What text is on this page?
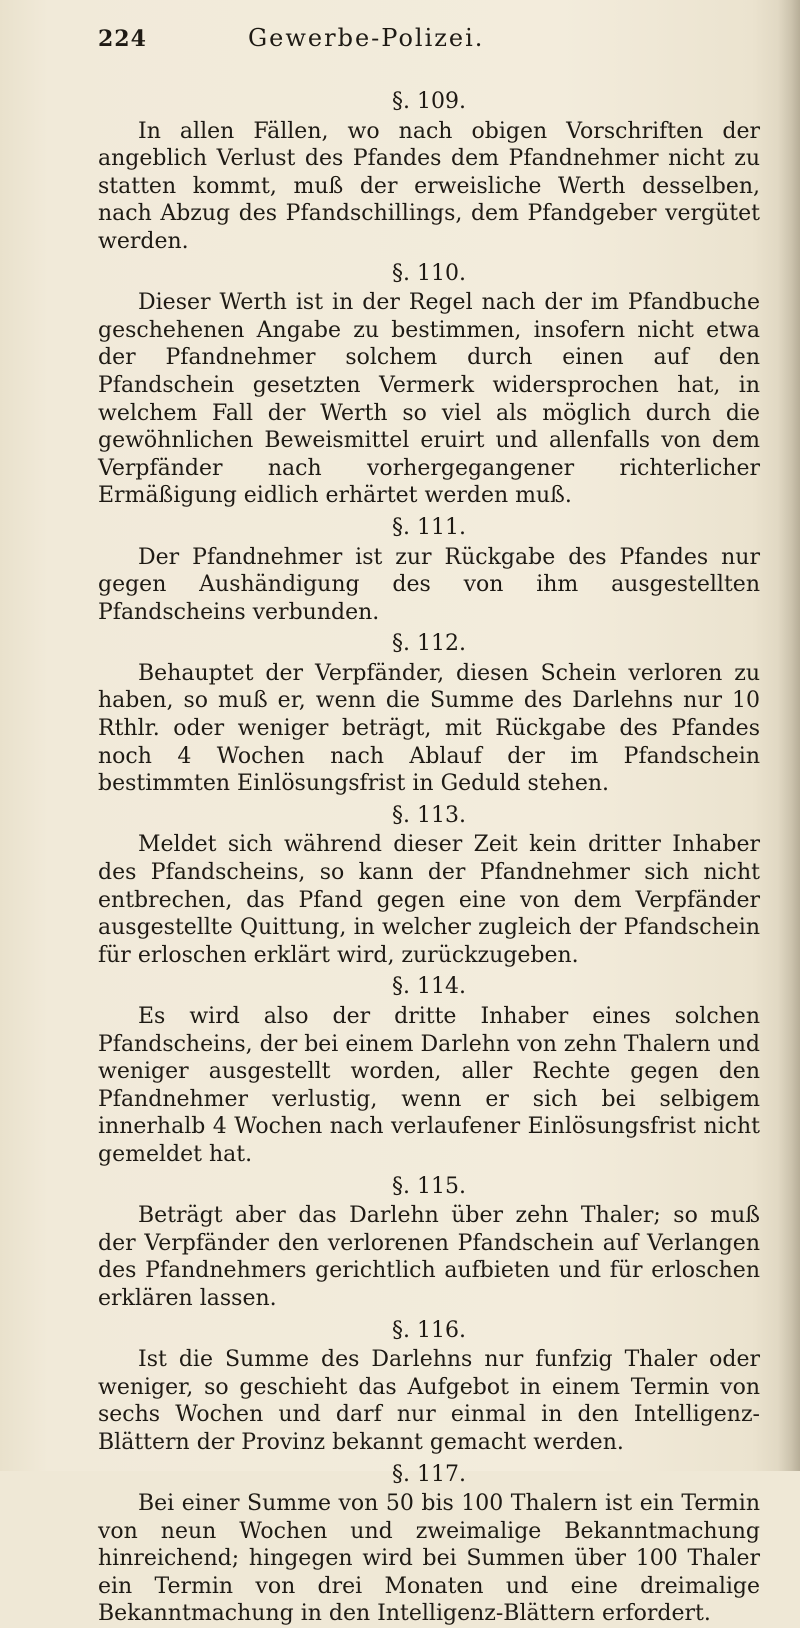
224	Gewerbe-Polizei.
§. 109.

In allen Fällen, wo nach obigen Vorschriften der angeblich Verlust des Pfandes dem Pfandnehmer nicht zu statten kommt, muß der erweisliche Werth desselben, nach Abzug des Pfandschillings, dem Pfandgeber vergütet werden.

§. 110.

Dieser Werth ist in der Regel nach der im Pfandbuche geschehenen Angabe zu bestimmen, insofern nicht etwa der Pfandnehmer solchem durch einen auf den Pfandschein gesetzten Vermerk widersprochen hat, in welchem Fall der Werth so viel als möglich durch die gewöhnlichen Beweismittel eruirt und allenfalls von dem Verpfänder nach vorhergegangener richterlicher Ermäßigung eidlich erhärtet werden muß.

§. 111.

Der Pfandnehmer ist zur Rückgabe des Pfandes nur gegen Aushändigung des von ihm ausgestellten Pfandscheins verbunden.

§. 112.

Behauptet der Verpfänder, diesen Schein verloren zu haben, so muß er, wenn die Summe des Darlehns nur 10 Rthlr. oder weniger beträgt, mit Rückgabe des Pfandes noch 4 Wochen nach Ablauf der im Pfandschein bestimmten Einlösungsfrist in Geduld stehen.

§. 113.

Meldet sich während dieser Zeit kein dritter Inhaber des Pfandscheins, so kann der Pfandnehmer sich nicht entbrechen, das Pfand gegen eine von dem Verpfänder ausgestellte Quittung, in welcher zugleich der Pfandschein für erloschen erklärt wird, zurückzugeben.

§. 114.

Es wird also der dritte Inhaber eines solchen Pfandscheins, der bei einem Darlehn von zehn Thalern und weniger ausgestellt worden, aller Rechte gegen den Pfandnehmer verlustig, wenn er sich bei selbigem innerhalb 4 Wochen nach verlaufener Einlösungsfrist nicht gemeldet hat.

§. 115.

Beträgt aber das Darlehn über zehn Thaler; so muß der Verpfänder den verlorenen Pfandschein auf Verlangen des Pfandnehmers gerichtlich aufbieten und für erloschen erklären lassen.

§. 116.

Ist die Summe des Darlehns nur funfzig Thaler oder weniger, so geschieht das Aufgebot in einem Termin von sechs Wochen und darf nur einmal in den Intelligenz-Blättern der Provinz bekannt gemacht werden.

§. 117.

Bei einer Summe von 50 bis 100 Thalern ist ein Termin von neun Wochen und zweimalige Bekanntmachung hinreichend; hingegen wird bei Summen über 100 Thaler ein Termin von drei Monaten und eine dreimalige Bekanntmachung in den Intelligenz-Blättern erfordert.
